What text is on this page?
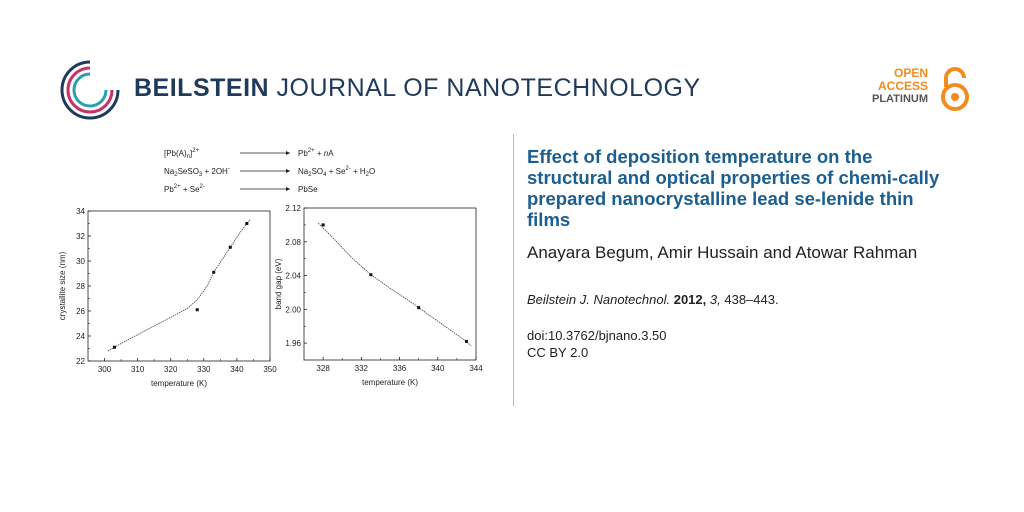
BEILSTEIN JOURNAL OF NANOTECHNOLOGY
OPEN
ACCESS
PLATINUM
$[Pb(A)_n]^{2+}$	$Pb^{2+}$ + nA
$Na_2SeSO_3 + 2OH^-$	$Na_2SO_4 + Se^{2-} + H_2O$
$Pb^{2+} + Se^{2-}$	PbSe
300 310 320 330 340 350
22
24
26
28
30
32
34
temperature (K)
crystallite size (nm)
328	332	336	340	344
1.96
2.00
2.04
2.08
2.12
temperature (K)
band gap (eV)
Effect of deposition temperature on the structural and optical properties of chemi-cally prepared nanocrystalline lead se-lenide thin films
Anayara Begum, Amir Hussain and Atowar Rahman
Beilstein J. Nanotechnol. 2012, 3, 438–443.
doi:10.3762/bjnano.3.50
CC BY 2.0
